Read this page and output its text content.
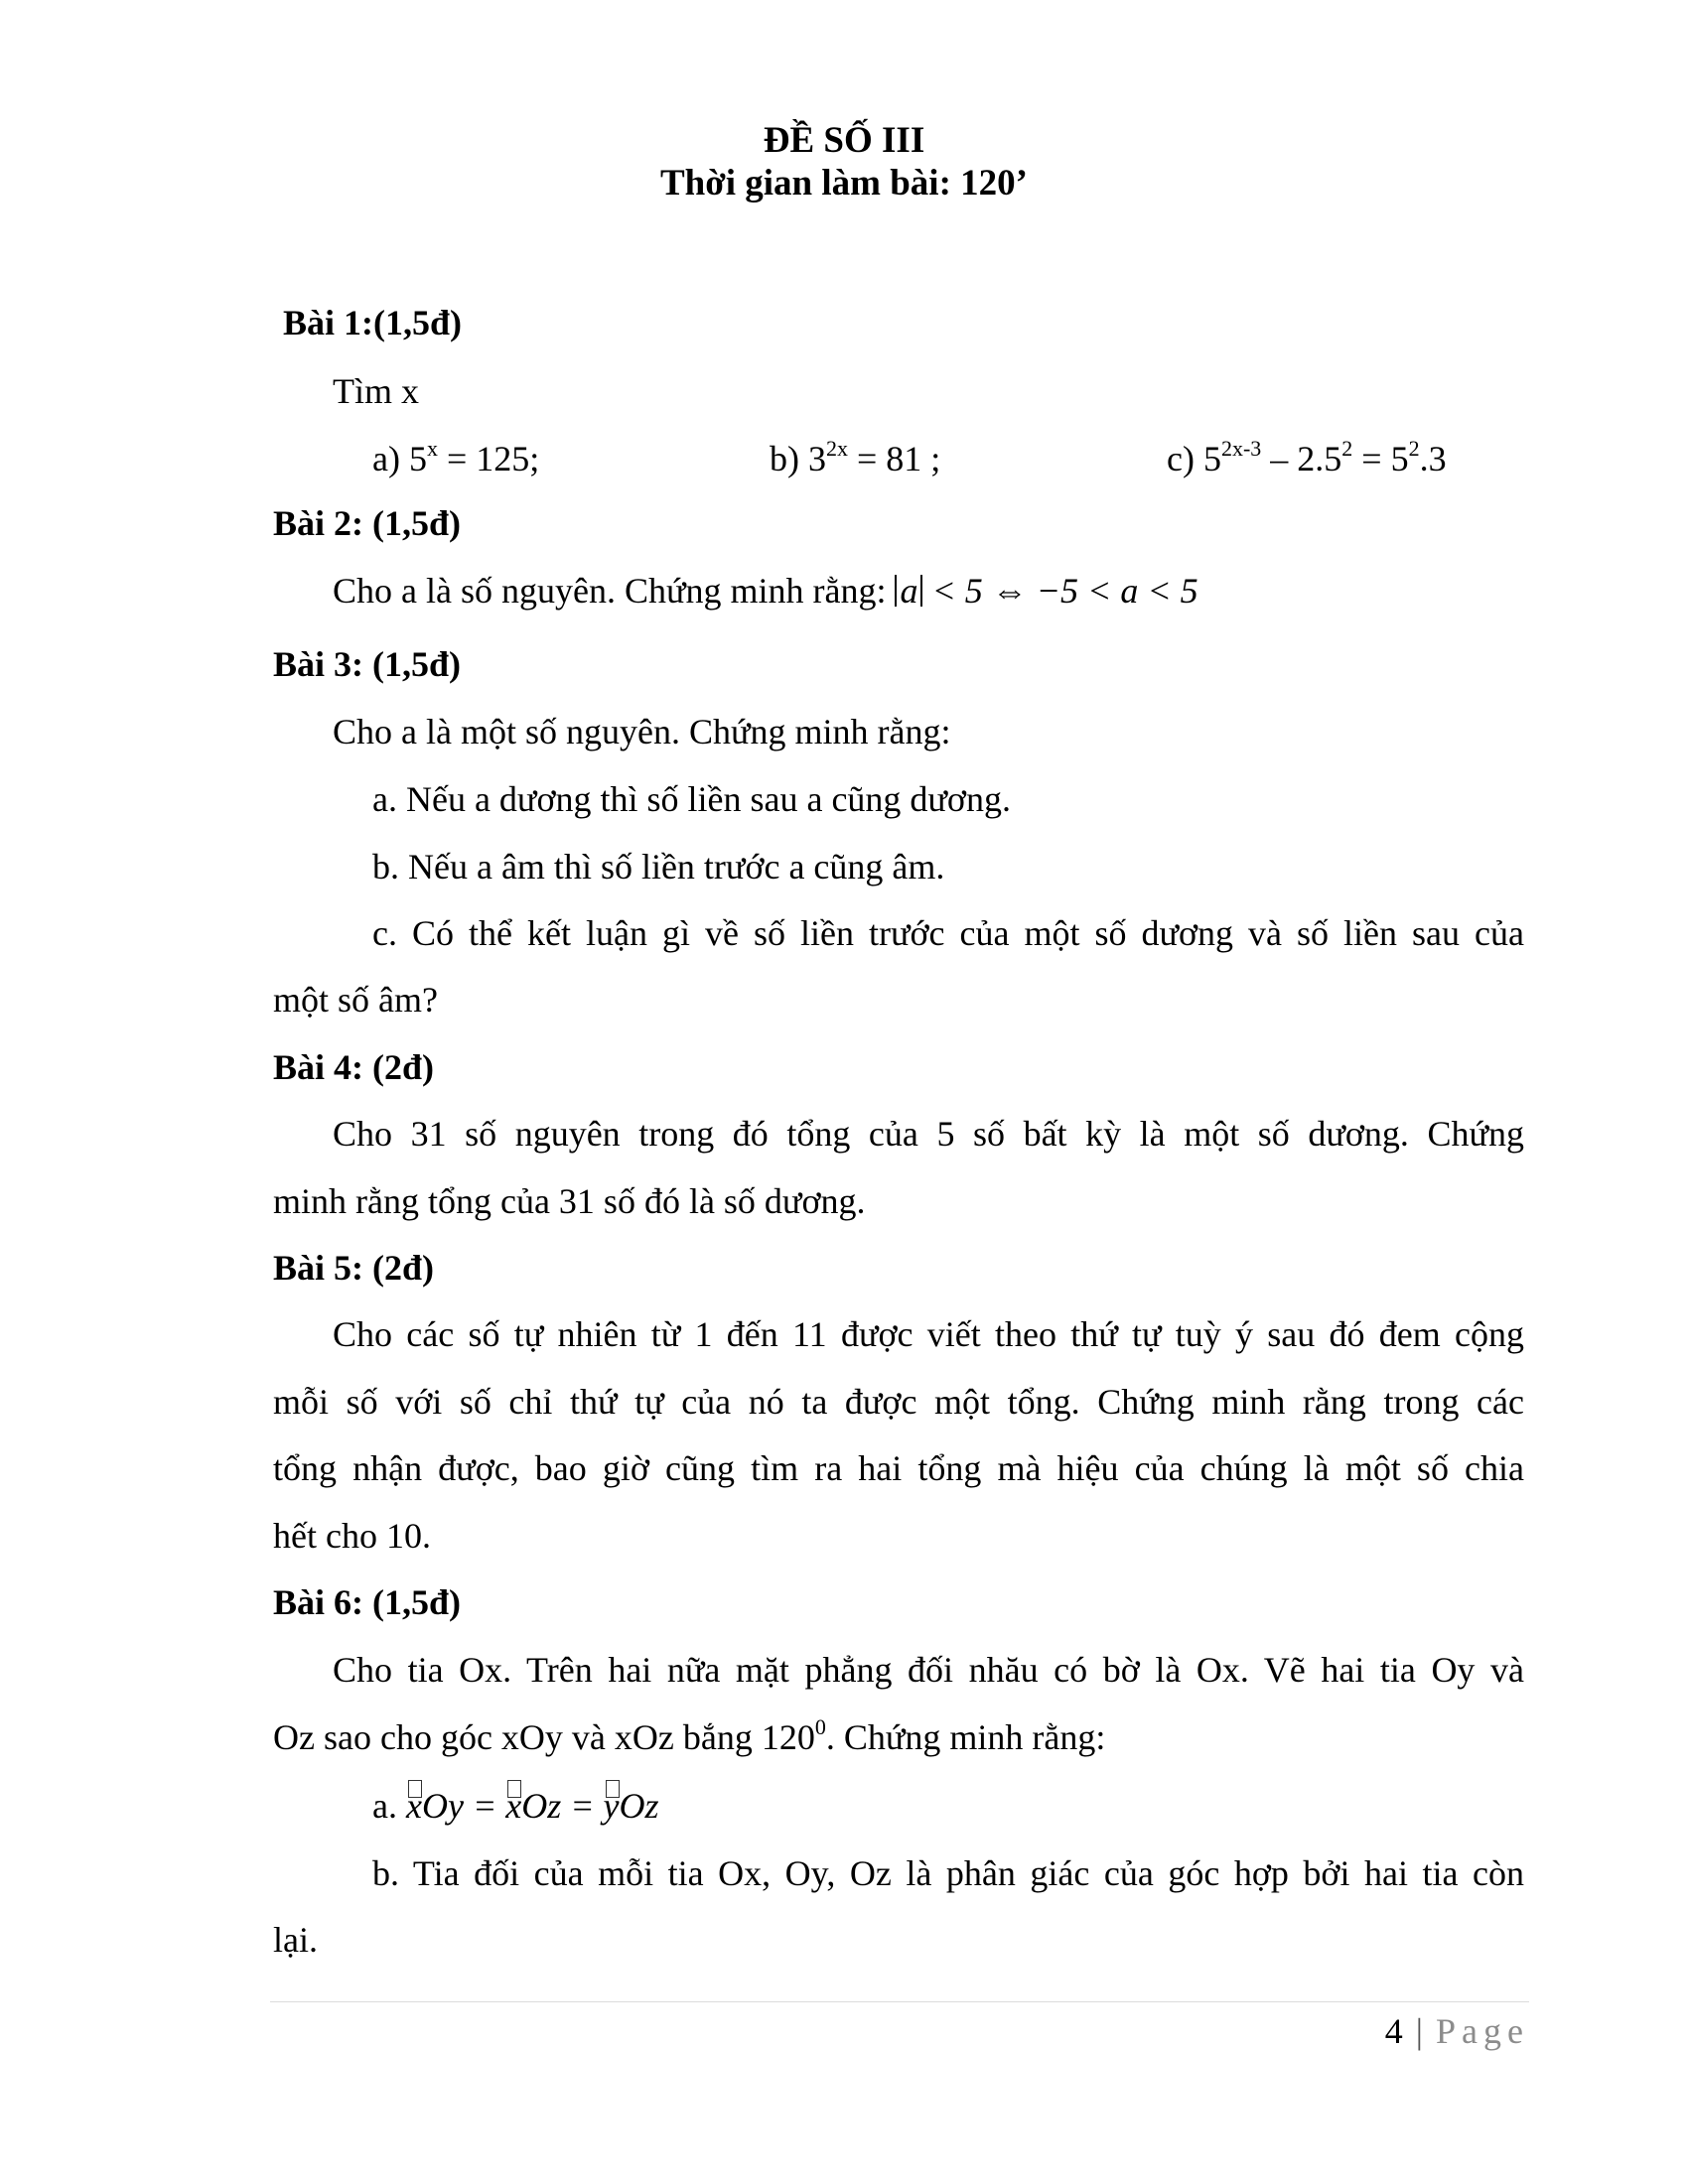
ĐỀ SỐ III
Thời gian làm bài: 120’
Bài 1:(1,5đ)
Tìm x
a) $5^x = 125$;	b) $3^{2x} = 81$ ;	c) $5^{2x-3} - 2.5^2 = 5^2.3$
Bài 2: (1,5đ)
Cho a là số nguyên. Chứng minh rằng: a < 5 ⇔ −5 < a < 5
Bài 3: (1,5đ)
Cho a là một số nguyên. Chứng minh rằng:
a. Nếu a dương thì số liền sau a cũng dương.
b. Nếu a âm thì số liền trước a cũng âm.
c. Có thể kết luận gì về số liền trước của một số dương và số liền sau của
một số âm?
Bài 4: (2đ)
Cho 31 số nguyên trong đó tổng của 5 số bất kỳ là một số dương. Chứng
minh rằng tổng của 31 số đó là số dương.
Bài 5: (2đ)
Cho các số tự nhiên từ 1 đến 11 được viết theo thứ tự tuỳ ý sau đó đem cộng
mỗi số với số chỉ thứ tự của nó ta được một tổng. Chứng minh rằng trong các
tổng nhận được, bao giờ cũng tìm ra hai tổng mà hiệu của chúng là một số chia
hết cho 10.
Bài 6: (1,5đ)
Cho tia Ox. Trên hai nữa mặt phẳng đối nhău có bờ là Ox. Vẽ hai tia Oy và
Oz sao cho góc xOy và xOz bắng $120^0$. Chứng minh rằng:
a. xOy = xOz = yOz
b. Tia đối của mỗi tia Ox, Oy, Oz là phân giác của góc hợp bởi hai tia còn
lại.
4 | Page
